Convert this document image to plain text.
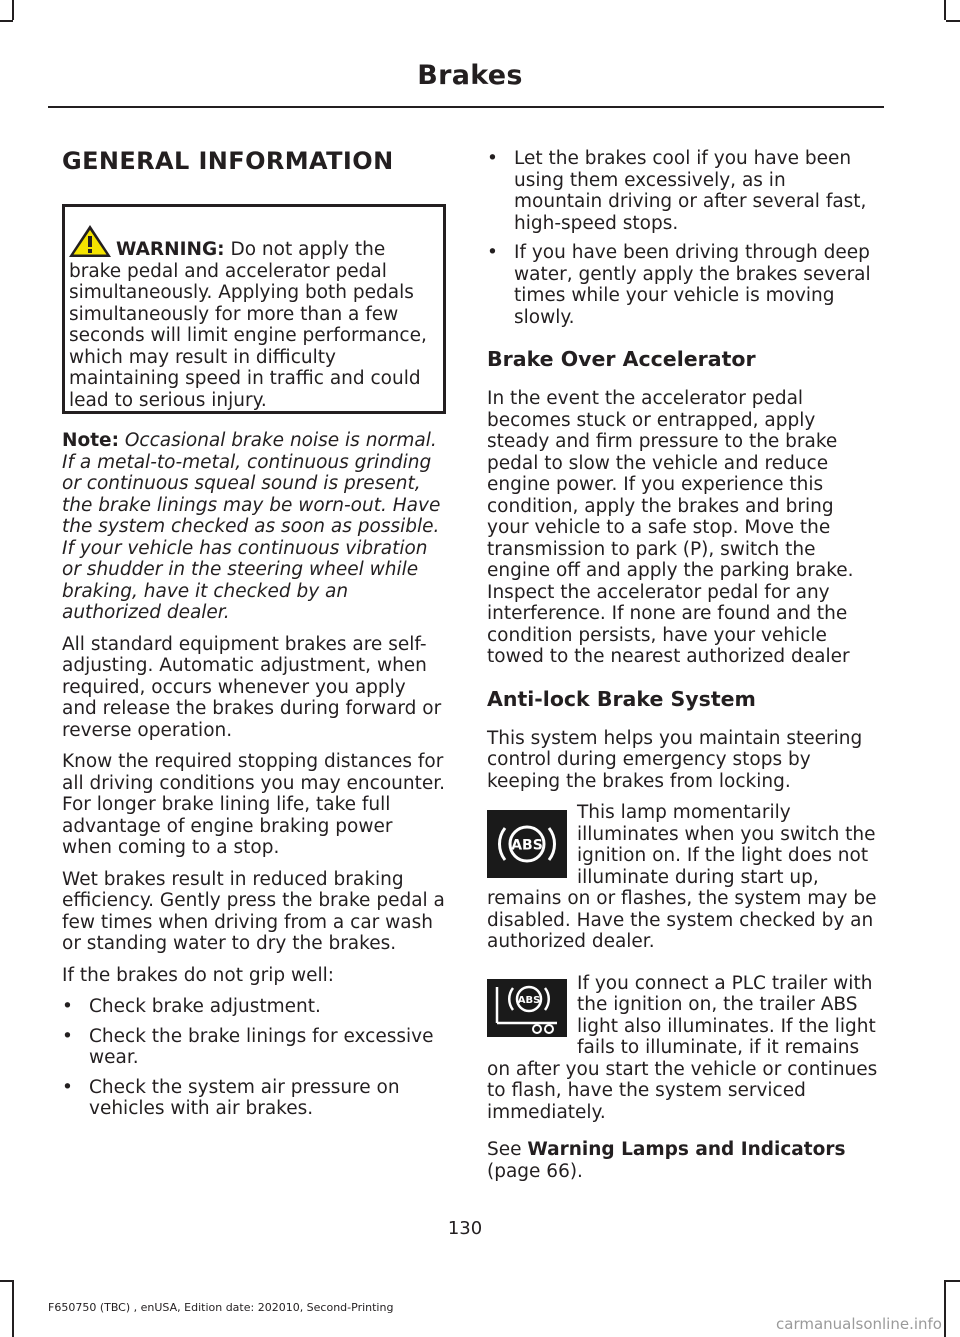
Brakes
GENERAL INFORMATION
WARNING: Do not apply the brake pedal and accelerator pedal simultaneously. Applying both pedals simultaneously for more than a few seconds will limit engine performance, which may result in difficulty maintaining speed in traffic and could lead to serious injury.

Note: Occasional brake noise is normal. If a metal-to-metal, continuous grinding or continuous squeal sound is present, the brake linings may be worn-out. Have the system checked as soon as possible. If your vehicle has continuous vibration or shudder in the steering wheel while braking, have it checked by an authorized dealer.

All standard equipment brakes are self-adjusting. Automatic adjustment, when required, occurs whenever you apply and release the brakes during forward or reverse operation.

Know the required stopping distances for all driving conditions you may encounter. For longer brake lining life, take full advantage of engine braking power when coming to a stop.

Wet brakes result in reduced braking efficiency. Gently press the brake pedal a few times when driving from a car wash or standing water to dry the brakes.

If the brakes do not grip well:

• Check brake adjustment.
• Check the brake linings for excessive wear.
• Check the system air pressure on vehicles with air brakes.
• Let the brakes cool if you have been using them excessively, as in mountain driving or after several fast, high-speed stops.
• If you have been driving through deep water, gently apply the brakes several times while your vehicle is moving slowly.
Brake Over Accelerator

In the event the accelerator pedal becomes stuck or entrapped, apply steady and firm pressure to the brake pedal to slow the vehicle and reduce engine power. If you experience this condition, apply the brakes and bring your vehicle to a safe stop. Move the transmission to park (P), switch the engine off and apply the parking brake. Inspect the accelerator pedal for any interference. If none are found and the condition persists, have your vehicle towed to the nearest authorized dealer

Anti-lock Brake System

This system helps you maintain steering control during emergency stops by keeping the brakes from locking.

ABS

This lamp momentarily illuminates when you switch the ignition on. If the light does not illuminate during start up, remains on or flashes, the system may be disabled. Have the system checked by an authorized dealer.

ABS

If you connect a PLC trailer with the ignition on, the trailer ABS light also illuminates. If the light fails to illuminate, if it remains on after you start the vehicle or continues to flash, have the system serviced immediately.

See Warning Lamps and Indicators
(page 66).

130
F650750 (TBC) , enUSA, Edition date: 202010, Second-Printing
carmanualsonline.info
